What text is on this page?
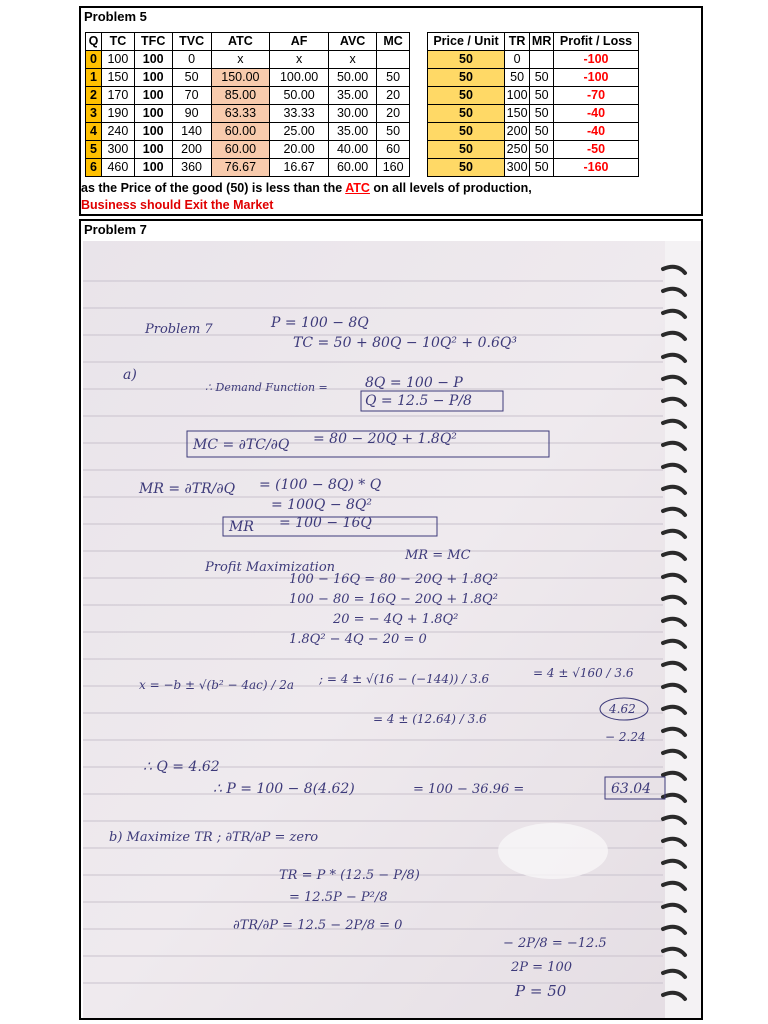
Problem 5
Q	TC	TFC	TVC	ATC	AF	AVC	MC
0	100	100	0	x	x	x	
1	150	100	50	150.00	100.00	50.00	50
2	170	100	70	85.00	50.00	35.00	20
3	190	100	90	63.33	33.33	30.00	20
4	240	100	140	60.00	25.00	35.00	50
5	300	100	200	60.00	20.00	40.00	60
6	460	100	360	76.67	16.67	60.00	160
Price / Unit	TR	MR	Profit / Loss
50	0		-100
50	50	50	-100
50	100	50	-70
50	150	50	-40
50	200	50	-40
50	250	50	-50
50	300	50	-160
as the Price of the good (50) is less than the ATC on all levels of production,
Business should Exit the Market
Problem 7
Problem 7	P = 100 − 8Q
TC = 50 + 80Q − 10Q² + 0.6Q³
a)
∴ Demand Function =	8Q = 100 − P
Q = 12.5 − P/8
MC = ∂TC/∂Q = 80 − 20Q + 1.8Q²
MR = ∂TR/∂Q = (100 − 8Q) * Q
= 100Q − 8Q²
MR = 100 − 16Q
Profit Maximization
MR = MC
100 − 16Q = 80 − 20Q + 1.8Q²
100 − 80 = 16Q − 20Q + 1.8Q²
20 = − 4Q + 1.8Q²
1.8Q² − 4Q − 20 = 0
x = −b ± √(b² − 4ac) / 2a ; = 4 ± √(16 − (−144)) / 3.6	= 4 ± √160 / 3.6
= 4 ± (12.64) / 3.6
4.62
− 2.24
∴ Q = 4.62
∴ P = 100 − 8(4.62)	= 100 − 36.96 =	63.04
b) Maximize TR ; ∂TR/∂P = zero
TR = P * (12.5 − P/8)
= 12.5P − P²/8
∂TR/∂P = 12.5 − 2P/8 = 0
− 2P/8 = −12.5
2P = 100
P = 50
